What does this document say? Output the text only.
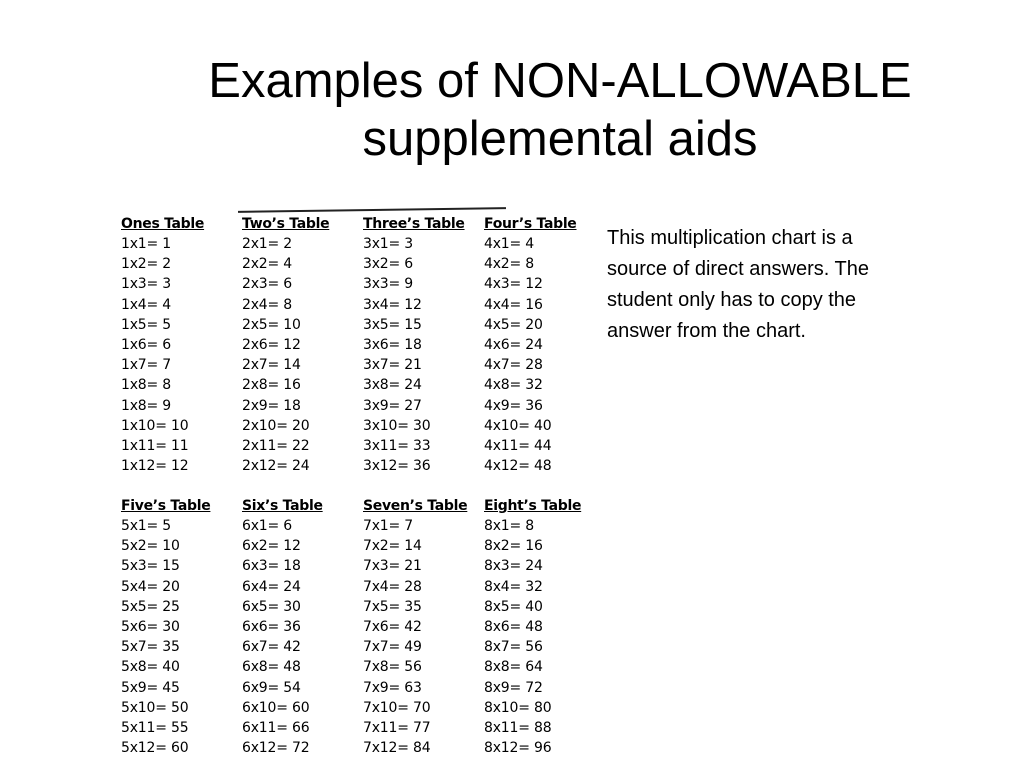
Examples of NON-ALLOWABLE
supplemental aids
Ones Table
1x1= 1
1x2= 2
1x3= 3
1x4= 4
1x5= 5
1x6= 6
1x7= 7
1x8= 8
1x8= 9
1x10= 10
1x11= 11
1x12= 12
Two’s Table
2x1= 2
2x2= 4
2x3= 6
2x4= 8
2x5= 10
2x6= 12
2x7= 14
2x8= 16
2x9= 18
2x10= 20
2x11= 22
2x12= 24
Three’s Table
3x1= 3
3x2= 6
3x3= 9
3x4= 12
3x5= 15
3x6= 18
3x7= 21
3x8= 24
3x9= 27
3x10= 30
3x11= 33
3x12= 36
Four’s Table
4x1= 4
4x2= 8
4x3= 12
4x4= 16
4x5= 20
4x6= 24
4x7= 28
4x8= 32
4x9= 36
4x10= 40
4x11= 44
4x12= 48
Five’s Table
5x1= 5
5x2= 10
5x3= 15
5x4= 20
5x5= 25
5x6= 30
5x7= 35
5x8= 40
5x9= 45
5x10= 50
5x11= 55
5x12= 60
Six’s Table
6x1= 6
6x2= 12
6x3= 18
6x4= 24
6x5= 30
6x6= 36
6x7= 42
6x8= 48
6x9= 54
6x10= 60
6x11= 66
6x12= 72
Seven’s Table
7x1= 7
7x2= 14
7x3= 21
7x4= 28
7x5= 35
7x6= 42
7x7= 49
7x8= 56
7x9= 63
7x10= 70
7x11= 77
7x12= 84
Eight’s Table
8x1= 8
8x2= 16
8x3= 24
8x4= 32
8x5= 40
8x6= 48
8x7= 56
8x8= 64
8x9= 72
8x10= 80
8x11= 88
8x12= 96
This multiplication chart is a
source of direct answers. The
student only has to copy the
answer from the chart.
